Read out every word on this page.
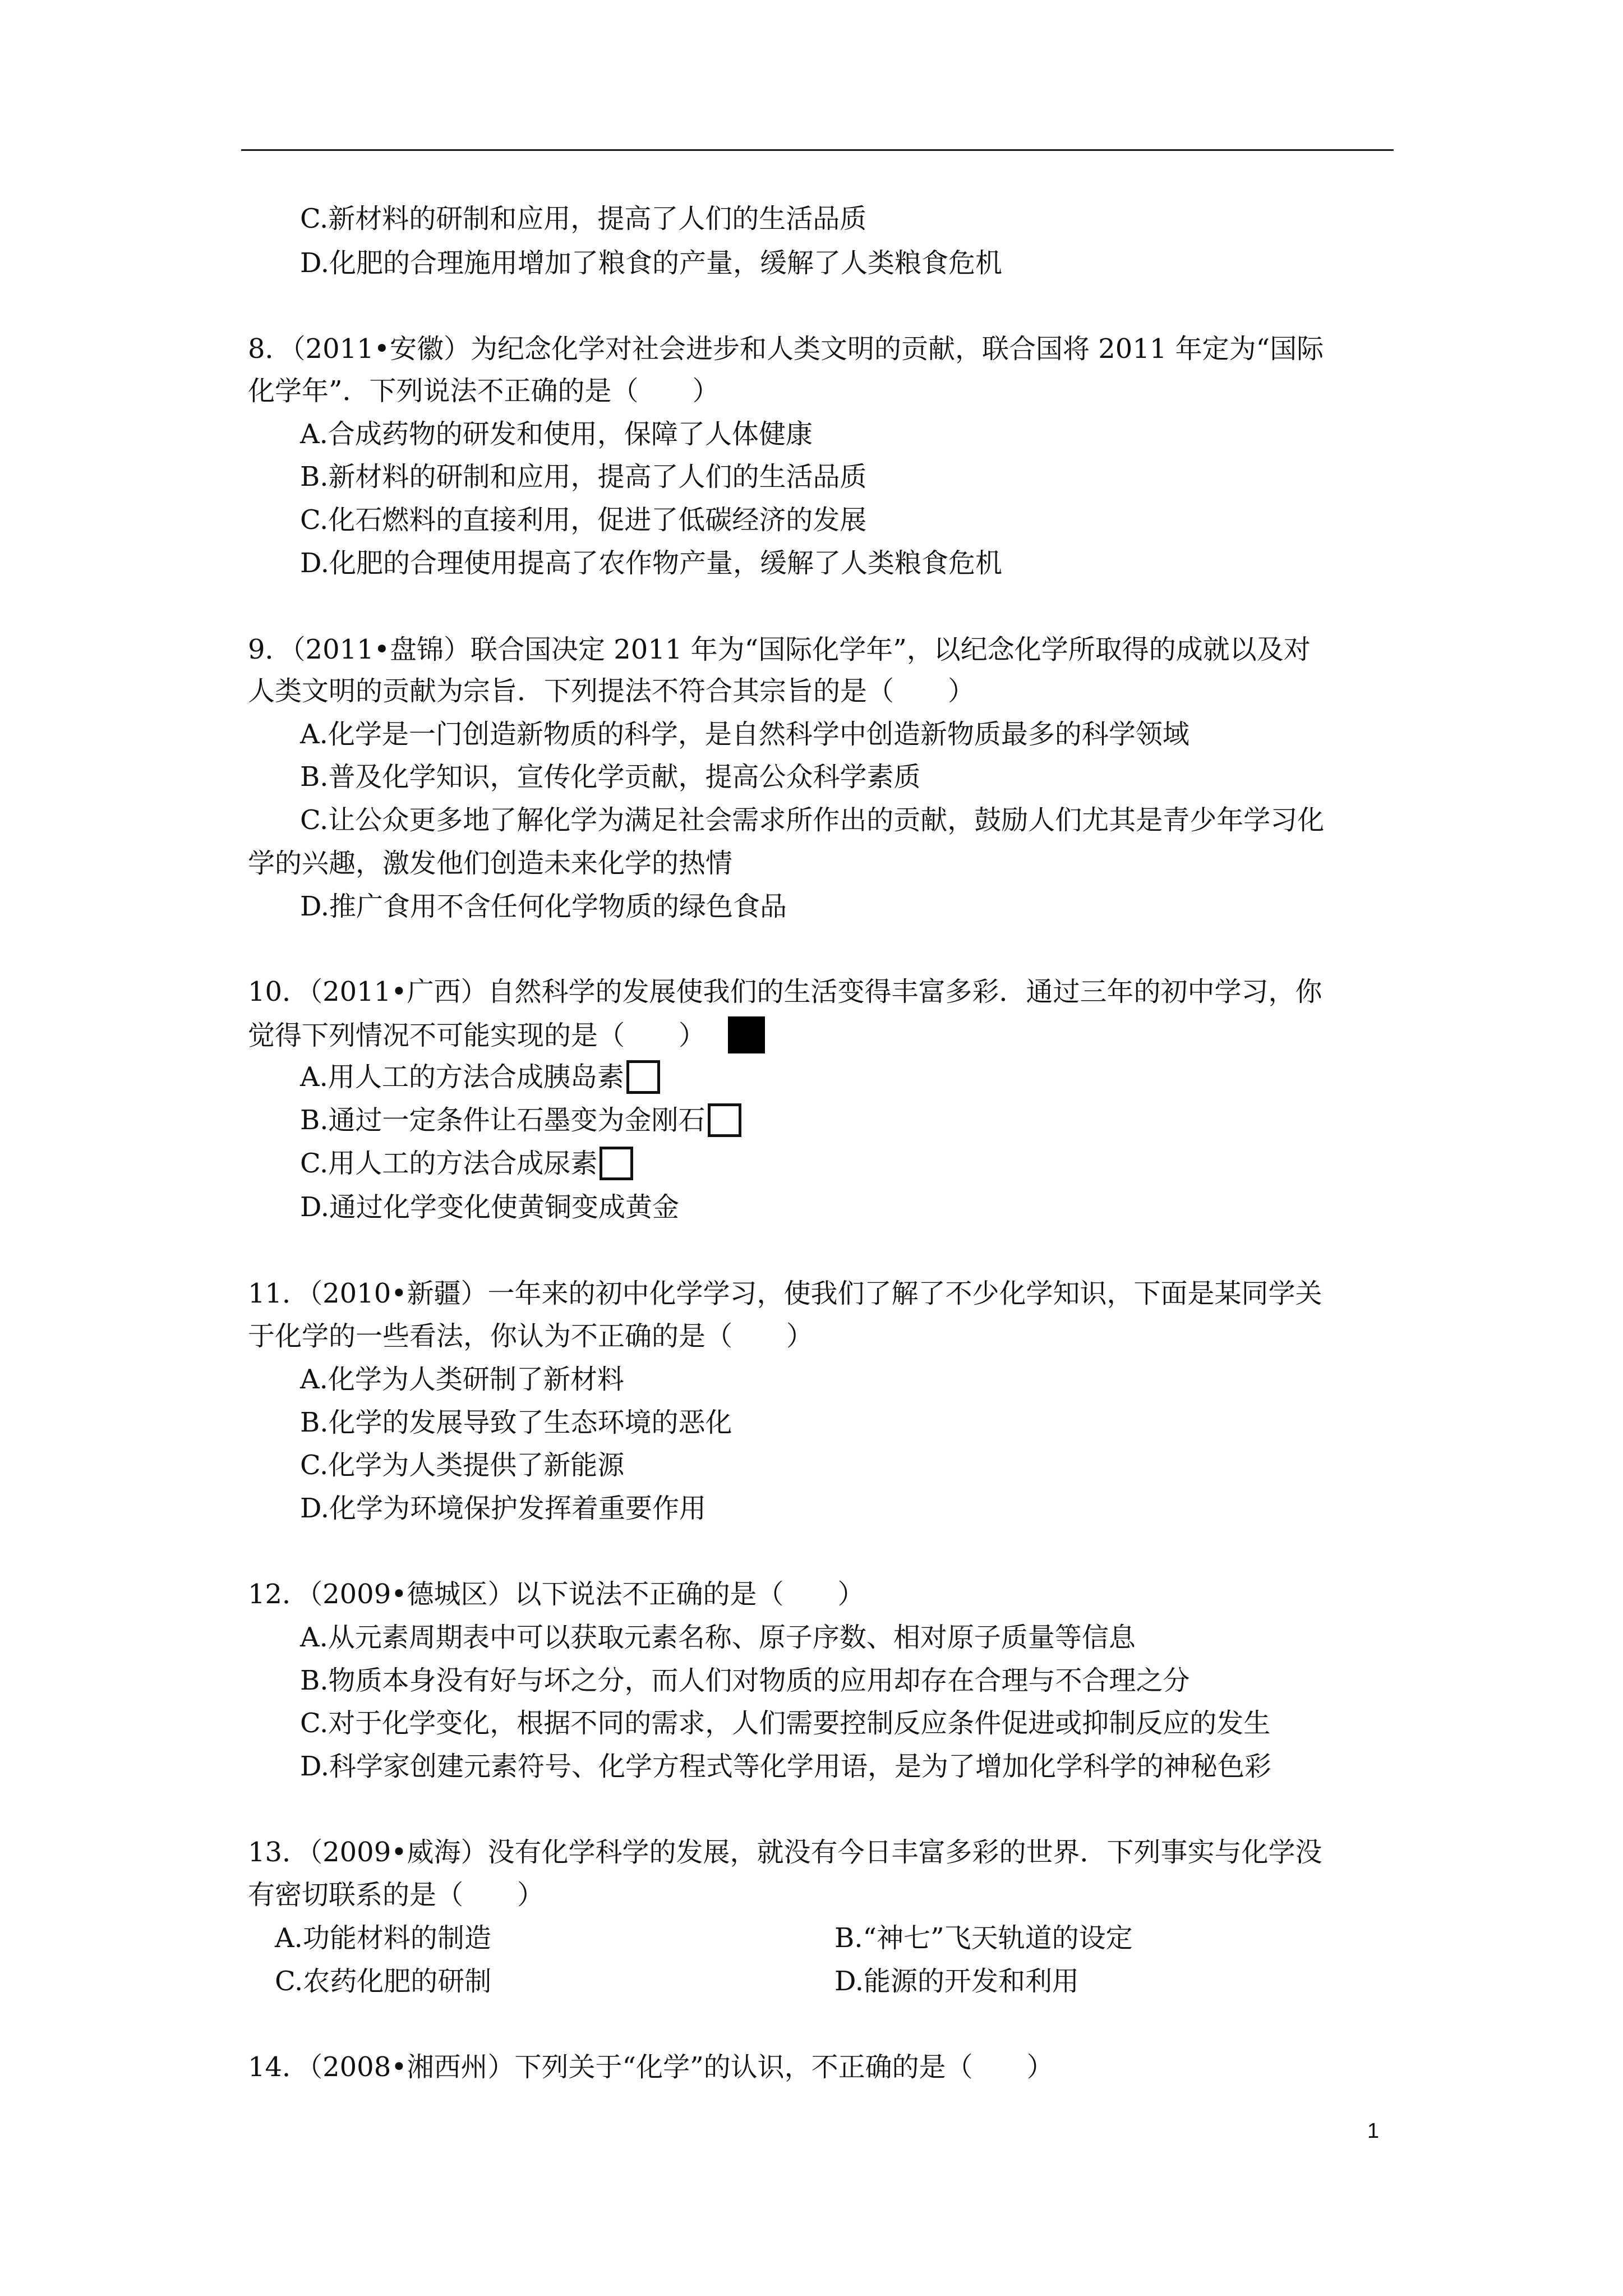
C.新材料的研制和应用，提高了人们的生活品质
D.化肥的合理施用增加了粮食的产量，缓解了人类粮食危机
8．（2011•安徽）为纪念化学对社会进步和人类文明的贡献，联合国将 2011 年定为“国际
化学年”．下列说法不正确的是（　　）
A.合成药物的研发和使用，保障了人体健康
B.新材料的研制和应用，提高了人们的生活品质
C.化石燃料的直接利用，促进了低碳经济的发展
D.化肥的合理使用提高了农作物产量，缓解了人类粮食危机
9．（2011•盘锦）联合国决定 2011 年为“国际化学年”，以纪念化学所取得的成就以及对
人类文明的贡献为宗旨．下列提法不符合其宗旨的是（　　）
A.化学是一门创造新物质的科学，是自然科学中创造新物质最多的科学领域
B.普及化学知识，宣传化学贡献，提高公众科学素质
C.让公众更多地了解化学为满足社会需求所作出的贡献，鼓励人们尤其是青少年学习化
学的兴趣，激发他们创造未来化学的热情
D.推广食用不含任何化学物质的绿色食品
10．（2011•广西）自然科学的发展使我们的生活变得丰富多彩．通过三年的初中学习，你
觉得下列情况不可能实现的是（　　）
A.用人工的方法合成胰岛素
B.通过一定条件让石墨变为金刚石
C.用人工的方法合成尿素
D.通过化学变化使黄铜变成黄金
11．（2010•新疆）一年来的初中化学学习，使我们了解了不少化学知识，下面是某同学关
于化学的一些看法，你认为不正确的是（　　）
A.化学为人类研制了新材料
B.化学的发展导致了生态环境的恶化
C.化学为人类提供了新能源
D.化学为环境保护发挥着重要作用
12．（2009•德城区）以下说法不正确的是（　　）
A.从元素周期表中可以获取元素名称、原子序数、相对原子质量等信息
B.物质本身没有好与坏之分，而人们对物质的应用却存在合理与不合理之分
C.对于化学变化，根据不同的需求，人们需要控制反应条件促进或抑制反应的发生
D.科学家创建元素符号、化学方程式等化学用语，是为了增加化学科学的神秘色彩
13．（2009•威海）没有化学科学的发展，就没有今日丰富多彩的世界．下列事实与化学没
有密切联系的是（　　）
A.功能材料的制造	B.“神七”飞天轨道的设定
C.农药化肥的研制	D.能源的开发和利用
14．（2008•湘西州）下列关于“化学”的认识，不正确的是（　　）
1
